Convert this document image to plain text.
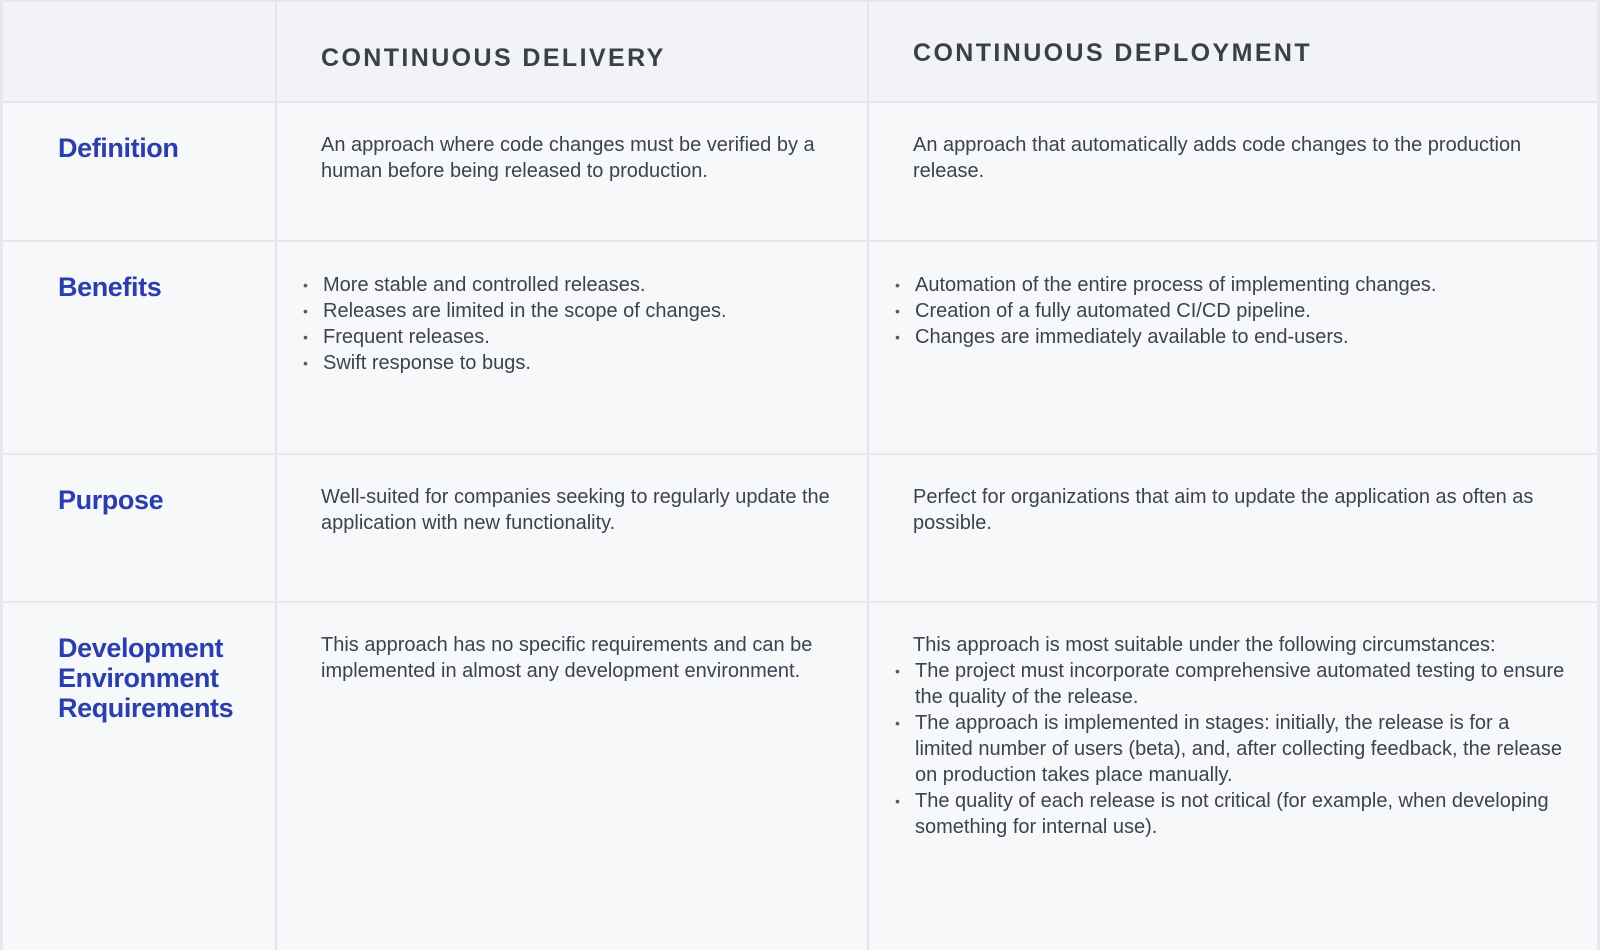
CONTINUOUS DELIVERY	CONTINUOUS DEPLOYMENT
Definition	An approach where code changes must be verified by a human before being released to production.
An approach that automatically adds code changes to the production release.
Benefits
•	More stable and controlled releases.
• Releases are limited in the scope of changes.
• Frequent releases.
• Swift response to bugs.
• Automation of the entire process of implementing changes.
• Creation of a fully automated CI/CD pipeline.
• Changes are immediately available to end-users.
Purpose	Well-suited for companies seeking to regularly update the application with new functionality.
Perfect for organizations that aim to update the application as often as possible.
Development Environment Requirements
This approach has no specific requirements and can be implemented in almost any development environment.
This approach is most suitable under the following circumstances:
• The project must incorporate comprehensive automated testing to ensure the quality of the release.
• The approach is implemented in stages: initially, the release is for a limited number of users (beta), and, after collecting feedback, the release on production takes place manually.
• The quality of each release is not critical (for example, when developing something for internal use).
